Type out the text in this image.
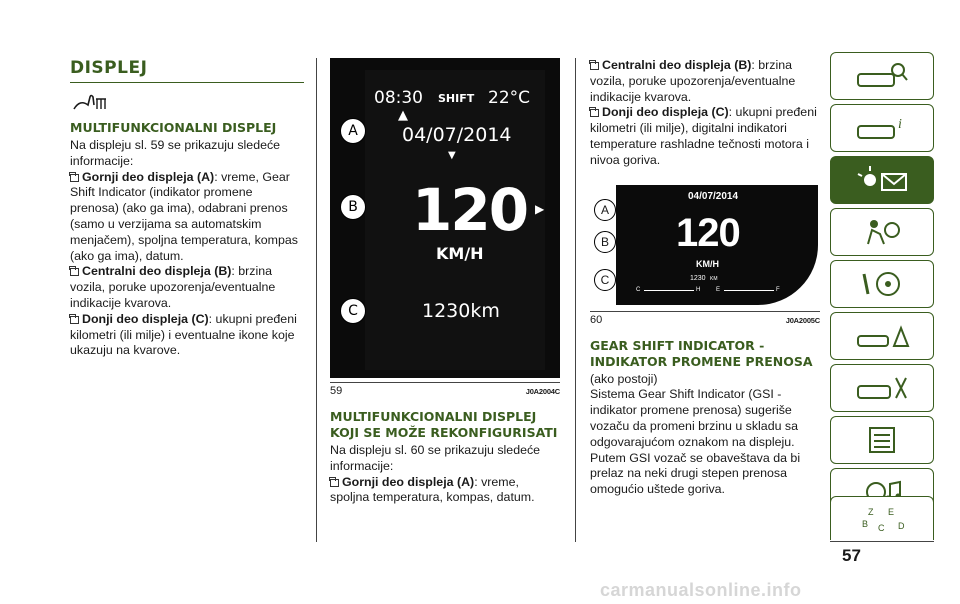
DISPLEJ
MULTIFUNKCIONALNI DISPLEJ

Na displeju sl. 59 se prikazuju sledeće informacije:

Gornji deo displeja (A): vreme, Gear Shift Indicator (indikator promene prenosa) (ako ga ima), odabrani prenos (samo u verzijama sa automatskim menjačem), spoljna temperatura, kompas (ako ga ima), datum.
Centralni deo displeja (B): brzina vozila, poruke upozorenja/eventualne indikacije kvarova.
Donji deo displeja (C): ukupni pređeni kilometri (ili milje) i eventualne ikone koje ukazuju na kvarove.
08:30 SHIFT 22°C
▲
04/07/2014
▼
120 ▶
KM/H
1230km
A
B
C
59	J0A2004C
MULTIFUNKCIONALNI DISPLEJ KOJI SE MOŽE REKONFIGURISATI

Na displeju sl. 60 se prikazuju sledeće informacije:

Gornji deo displeja (A): vreme, spoljna temperatura, kompas, datum.
Centralni deo displeja (B): brzina vozila, poruke upozorenja/eventualne indikacije kvarova.
Donji deo displeja (C): ukupni pređeni kilometri (ili milje), digitalni indikatori temperature rashladne tečnosti motora i nivoa goriva.
04/07/2014
120
KM/H
1230 KM
C	H	E	F
A
B
C
60	J0A2005C
GEAR SHIFT INDICATOR - INDIKATOR PROMENE PRENOSA

(ako postoji)

Sistema Gear Shift Indicator (GSI - indikator promene prenosa) sugeriše vozaču da promeni brzinu u skladu sa odgovarajućom oznakom na displeju. Putem GSI vozač se obaveštava da bi prelaz na neki drugi stepen prenosa omogućio uštede goriva.

i
Z E
B C D
57
carmanualsonline.info
